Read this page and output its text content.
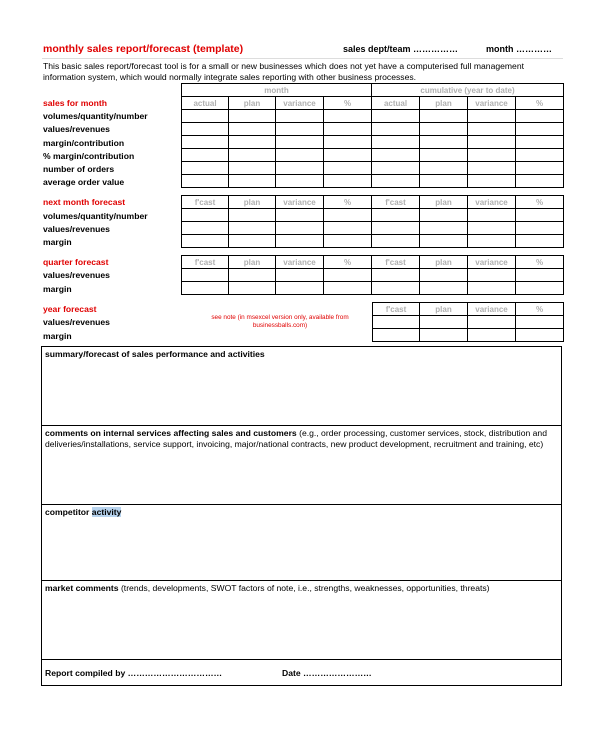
monthly sales report/forecast (template)	sales dept/team ……………	month …………
This basic sales report/forecast tool is for a small or new businesses which does not yet have a computerised full management information system, which would normally integrate sales reporting with other business processes.
sales for month
volumes/quantity/number
values/revenues
margin/contribution
% margin/contribution
number of orders
average order value
month				cumulative (year to date)			
actual	plan	variance	%	actual	plan	variance	%

next month forecast
volumes/quantity/number
values/revenues
margin
f'cast	plan	variance	%	f'cast	plan	variance	%

quarter forecast
values/revenues
margin
f'cast	plan	variance	%	f'cast	plan	variance	%

year forecast
values/revenues
margin
see note (in msexcel version only, available from businessballs.com)
f'cast	plan	variance	%

summary/forecast of sales performance and activities
comments on internal services affecting sales and customers (e.g., order processing, customer services, stock, distribution and deliveries/installations, service support, invoicing, major/national contracts, new product development, recruitment and training, etc)
competitor activity
market comments (trends, developments, SWOT factors of note, i.e., strengths, weaknesses, opportunities, threats)
Report compiled by ……………………………	Date ……………………
